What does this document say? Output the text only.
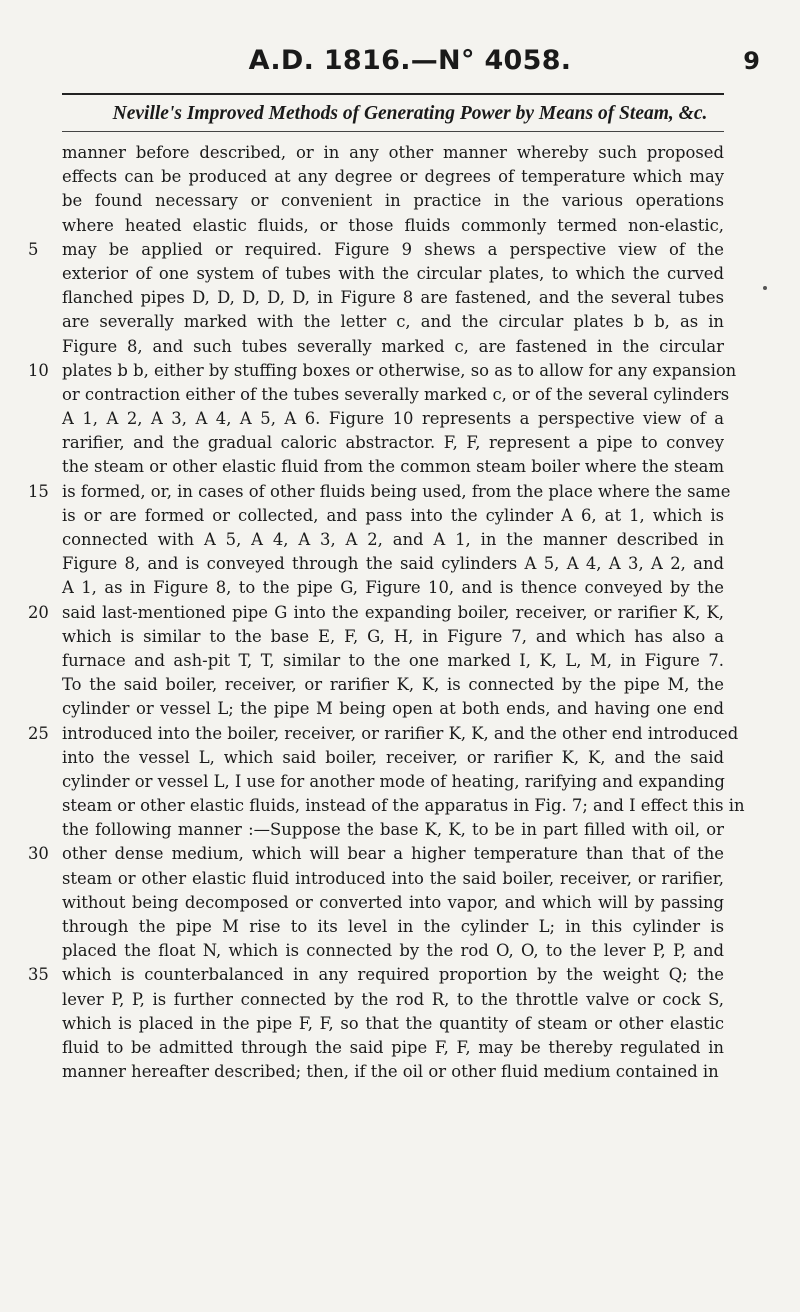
A.D. 1816.—N° 4058.	9
Neville's Improved Methods of Generating Power by Means of Steam, &c.
manner before described, or in any other manner whereby such proposed
effects can be produced at any degree or degrees of temperature which may
be found necessary or convenient in practice in the various operations
where heated elastic fluids, or those fluids commonly termed non-elastic,
5	may be applied or required. Figure 9 shews a perspective view of the
exterior of one system of tubes with the circular plates, to which the curved
flanched pipes D, D, D, D, D, in Figure 8 are fastened, and the several tubes
are severally marked with the letter c, and the circular plates b b, as in
Figure 8, and such tubes severally marked c, are fastened in the circular
10 plates b b, either by stuffing boxes or otherwise, so as to allow for any expansion
or contraction either of the tubes severally marked c, or of the several cylinders
A 1, A 2, A 3, A 4, A 5, A 6. Figure 10 represents a perspective view of a
rarifier, and the gradual caloric abstractor. F, F, represent a pipe to convey
the steam or other elastic fluid from the common steam boiler where the steam
15 is formed, or, in cases of other fluids being used, from the place where the same
is or are formed or collected, and pass into the cylinder A 6, at 1, which is
connected with A 5, A 4, A 3, A 2, and A 1, in the manner described in
Figure 8, and is conveyed through the said cylinders A 5, A 4, A 3, A 2, and
A 1, as in Figure 8, to the pipe G, Figure 10, and is thence conveyed by the
20 said last-mentioned pipe G into the expanding boiler, receiver, or rarifier K, K,
which is similar to the base E, F, G, H, in Figure 7, and which has also a
furnace and ash-pit T, T, similar to the one marked I, K, L, M, in Figure 7.
To the said boiler, receiver, or rarifier K, K, is connected by the pipe M, the
cylinder or vessel L; the pipe M being open at both ends, and having one end
25 introduced into the boiler, receiver, or rarifier K, K, and the other end introduced
into the vessel L, which said boiler, receiver, or rarifier K, K, and the said
cylinder or vessel L, I use for another mode of heating, rarifying and expanding
steam or other elastic fluids, instead of the apparatus in Fig. 7; and I effect this in
the following manner :—Suppose the base K, K, to be in part filled with oil, or
30 other dense medium, which will bear a higher temperature than that of the
steam or other elastic fluid introduced into the said boiler, receiver, or rarifier,
without being decomposed or converted into vapor, and which will by passing
through the pipe M rise to its level in the cylinder L; in this cylinder is
placed the float N, which is connected by the rod O, O, to the lever P, P, and
35 which is counterbalanced in any required proportion by the weight Q; the
lever P, P, is further connected by the rod R, to the throttle valve or cock S,
which is placed in the pipe F, F, so that the quantity of steam or other elastic
fluid to be admitted through the said pipe F, F, may be thereby regulated in
manner hereafter described; then, if the oil or other fluid medium contained in
